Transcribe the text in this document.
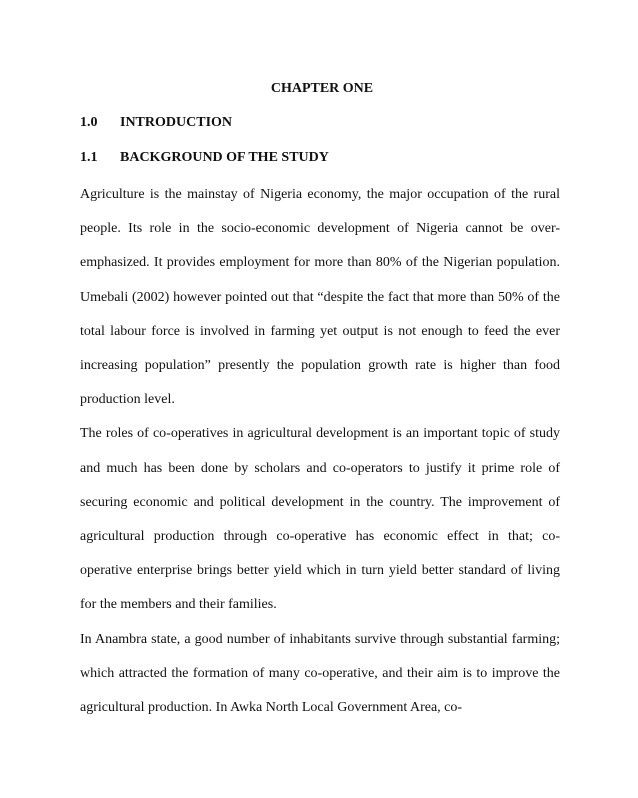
CHAPTER ONE
1.0	INTRODUCTION
1.1	BACKGROUND OF THE STUDY

Agriculture is the mainstay of Nigeria economy, the major occupation of the rural people. Its role in the socio-economic development of Nigeria cannot be over-emphasized. It provides employment for more than 80% of the Nigerian population. Umebali (2002) however pointed out that “despite the fact that more than 50% of the total labour force is involved in farming yet output is not enough to feed the ever increasing population” presently the population growth rate is higher than food production level.

The roles of co-operatives in agricultural development is an important topic of study and much has been done by scholars and co-operators to justify it prime role of securing economic and political development in the country. The improvement of agricultural production through co-operative has economic effect in that; co-operative enterprise brings better yield which in turn yield better standard of living for the members and their families.

In Anambra state, a good number of inhabitants survive through substantial farming; which attracted the formation of many co-operative, and their aim is to improve the agricultural production. In Awka North Local Government Area, co-
